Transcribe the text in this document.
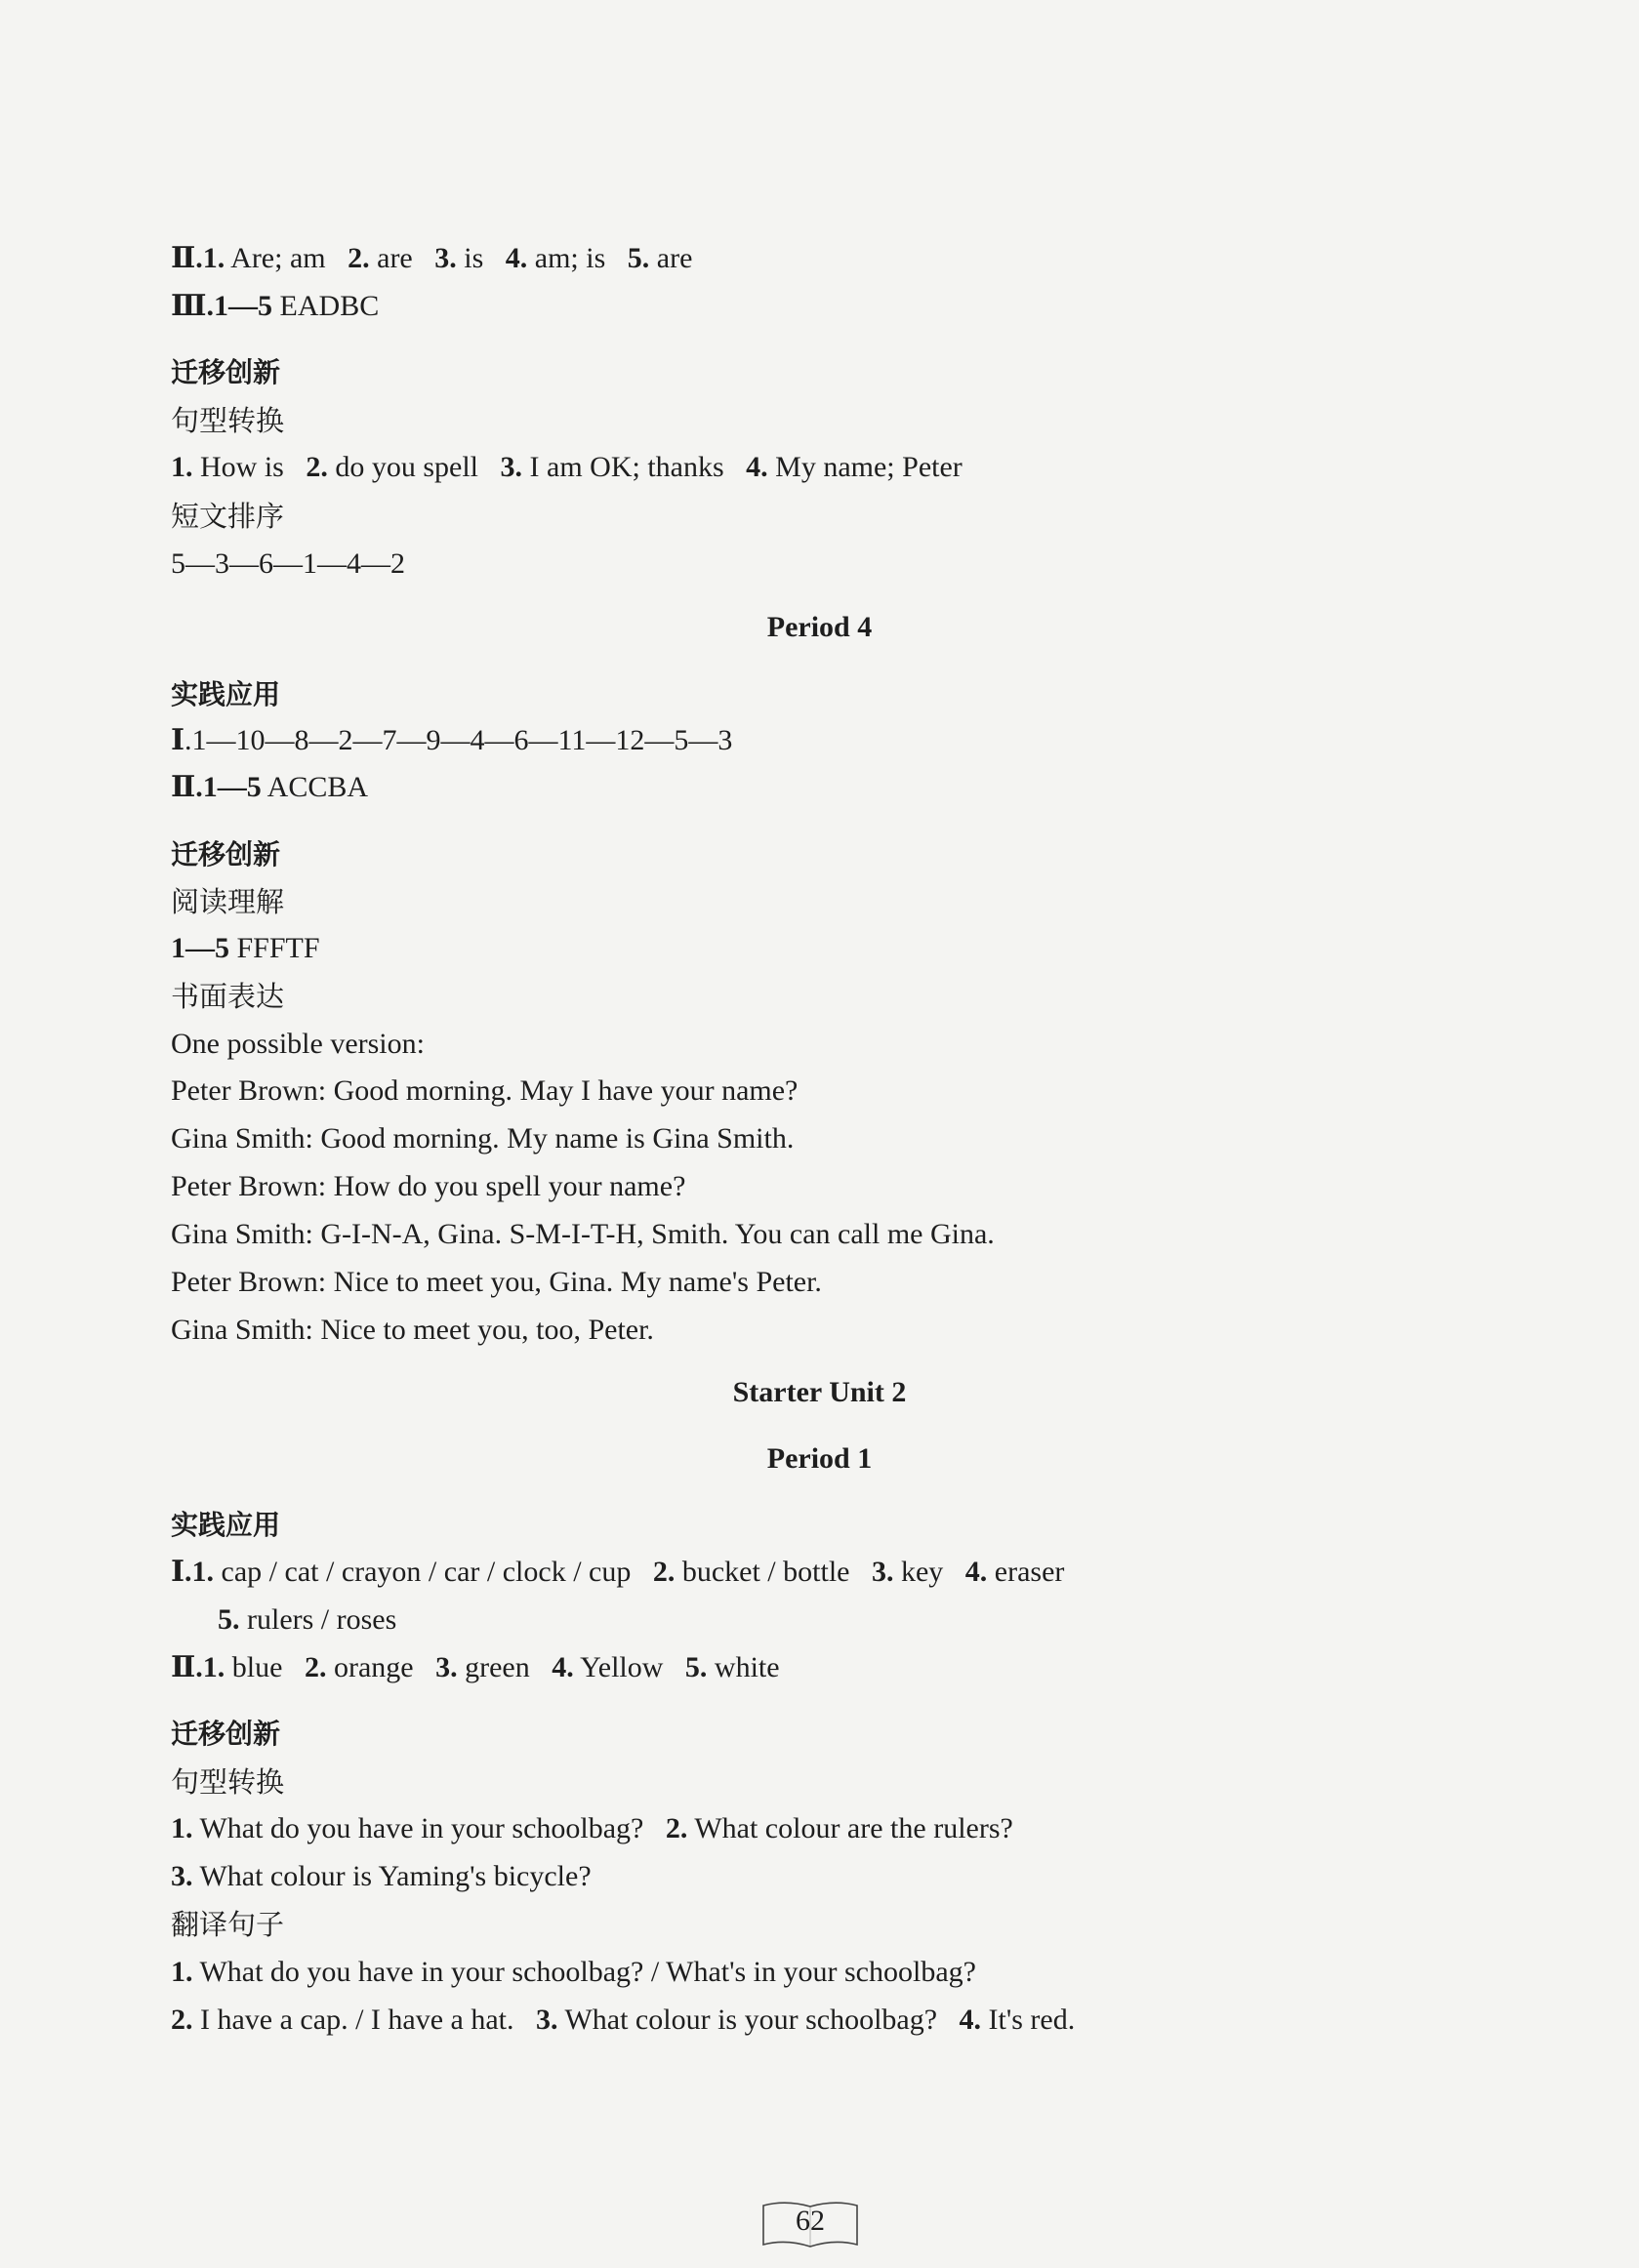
Ⅱ.1. Are; am 2. are 3. is 4. am; is 5. are
Ⅲ.1—5 EADBC
迁移创新
句型转换
1. How is 2. do you spell 3. I am OK; thanks 4. My name; Peter
短文排序
5—3—6—1—4—2
Period 4
实践应用
Ⅰ.1—10—8—2—7—9—4—6—11—12—5—3
Ⅱ.1—5 ACCBA
迁移创新
阅读理解
1—5 FFFTF
书面表达
One possible version:
Peter Brown: Good morning. May I have your name?
Gina Smith: Good morning. My name is Gina Smith.
Peter Brown: How do you spell your name?
Gina Smith: G-I-N-A, Gina. S-M-I-T-H, Smith. You can call me Gina.
Peter Brown: Nice to meet you, Gina. My name's Peter.
Gina Smith: Nice to meet you, too, Peter.
Starter Unit 2
Period 1
实践应用
Ⅰ.1. cap / cat / crayon / car / clock / cup 2. bucket / bottle 3. key 4. eraser
5. rulers / roses
Ⅱ.1. blue 2. orange 3. green 4. Yellow 5. white
迁移创新
句型转换
1. What do you have in your schoolbag? 2. What colour are the rulers?
3. What colour is Yaming's bicycle?
翻译句子
1. What do you have in your schoolbag? / What's in your schoolbag?
2. I have a cap. / I have a hat. 3. What colour is your schoolbag? 4. It's red.
62
